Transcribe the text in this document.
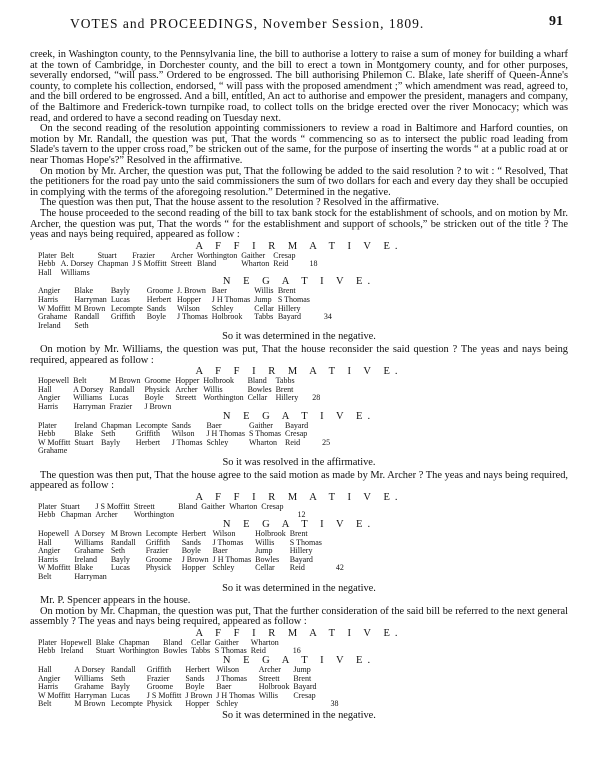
VOTES and PROCEEDINGS, November Session, 1809.	91

creek, in Washington county, to the Pennsylvania line, the bill to authorise a lottery to raise a sum of money for building a wharf at the town of Cambridge, in Dorchester county, and the bill to erect a town in Montgomery county, and for other purposes, severally endorsed, “will pass.” Ordered to be engrossed. The bill authorising Philemon C. Blake, late sheriff of Queen-Anne's county, to complete his collection, endorsed, “ will pass with the proposed amendment ;” which amendment was read, agreed to, and the bill ordered to be engrossed. And a bill, entitled, An act to authorise and empower the president, managers and company, of the Baltimore and Frederick-town turnpike road, to collect tolls on the bridge erected over the river Monocacy; which was read, and ordered to have a second reading on Tuesday next.

On the second reading of the resolution appointing commissioners to review a road in Baltimore and Harford counties, on motion by Mr. Randall, the question was put, That the words “ commencing so as to intersect the public road leading from Slade's tavern to the upper cross road,” be stricken out of the same, for the purpose of inserting the words “ at a public road at or near Thomas Hope's?” Resolved in the affirmative.

On motion by Mr. Archer, the question was put, That the following be added to the said resolution ? to wit : “ Resolved, That the petitioners for the road pay unto the said commissioners the sum of two dollars for each and every day they shall be occupied in complying with the terms of the aforegoing resolution.” Determined in the negative.

The question was then put, That the house assent to the resolution ? Resolved in the affirmative.

The house proceeded to the second reading of the bill to tax bank stock for the establishment of schools, and on motion by Mr. Archer, the question was put, That the words “ for the establishment and support of schools,” be stricken out of the title ? The yeas and nays being required, appeared as follow :

A F F I R M A T I V E.
Plater	Belt	Stuart	Frazier	Archer	Worthington	Gaither	Cresap	
Hebb	A. Dorsey	Chapman	J S Moffitt	Streett	Bland	Wharton	Reid	18
Hall	Williams							
N E G A T I V E.
Angier	Blake	Bayly	Groome	J. Brown	Baer	Willis	Brent	
Harris	Harryman	Lucas	Herbert	Hopper	J H Thomas	Jump	S Thomas	
W Moffitt	M Brown	Lecompte	Sands	Wilson	Schley	Cellar	Hillery	
Grahame	Randall	Griffith	Boyle	J Thomas	Holbrook	Tabbs	Bayard	34
Ireland	Seth							

So it was determined in the negative.

On motion by Mr. Williams, the question was put, That the house reconsider the said question ? The yeas and nays being required, appeared as follow :

A F F I R M A T I V E.
Hopewell	Belt	M Brown	Groome	Hopper	Holbrook	Bland	Tabbs	
Hall	A Dorsey	Randall	Physick	Archer	Willis	Bowles	Brent	
Angier	Williams	Lucas	Boyle	Streett	Worthington	Cellar	Hillery	28
Harris	Harryman	Frazier	J Brown					
N E G A T I V E.
Plater	Ireland	Chapman	Lecompte	Sands	Baer	Gaither	Bayard	
Hebb	Blake	Seth	Griffith	Wilson	J H Thomas	S Thomas	Cresap	
W Moffitt	Stuart	Bayly	Herbert	J Thomas	Schley	Wharton	Reid	25
Grahame								

So it was resolved in the affirmative.

The question was then put, That the house agree to the said motion as made by Mr. Archer ? The yeas and nays being required, appeared as follow :

A F F I R M A T I V E.
Plater	Stuart	J S Moffitt	Streett	Bland	Gaither	Wharton	Cresap	
Hebb	Chapman	Archer	Worthington					12
N E G A T I V E.
Hopewell	A Dorsey	M Brown	Lecompte	Herbert	Wilson	Holbrook	Brent	
Hall	Williams	Randall	Griffith	Sands	J Thomas	Willis	S Thomas	
Angier	Grahame	Seth	Frazier	Boyle	Baer	Jump	Hillery	
Harris	Ireland	Bayly	Groome	J Brown	J H Thomas	Bowles	Bayard	
W Moffitt	Blake	Lucas	Physick	Hopper	Schley	Cellar	Reid	42
Belt	Harryman							

So it was determined in the negative.

Mr. P. Spencer appears in the house.

On motion by Mr. Chapman, the question was put, That the further consideration of the said bill be referred to the next general assembly ? The yeas and nays being required, appeared as follow :

A F F I R M A T I V E.
Plater	Hopewell	Blake	Chapman	Bland	Cellar	Gaither	Wharton	
Hebb	Ireland	Stuart	Worthington	Bowles	Tabbs	S Thomas	Reid	16
N E G A T I V E.
Hall	A Dorsey	Randall	Griffith	Herbert	Wilson	Archer	Jump	
Angier	Williams	Seth	Frazier	Sands	J Thomas	Streett	Brent	
Harris	Grahame	Bayly	Groome	Boyle	Baer	Holbrook	Bayard	
W Moffitt	Harryman	Lucas	J S Moffitt	J Brown	J H Thomas	Willis	Cresap	
Belt	M Brown	Lecompte	Physick	Hopper	Schley			38

So it was determined in the negative.
